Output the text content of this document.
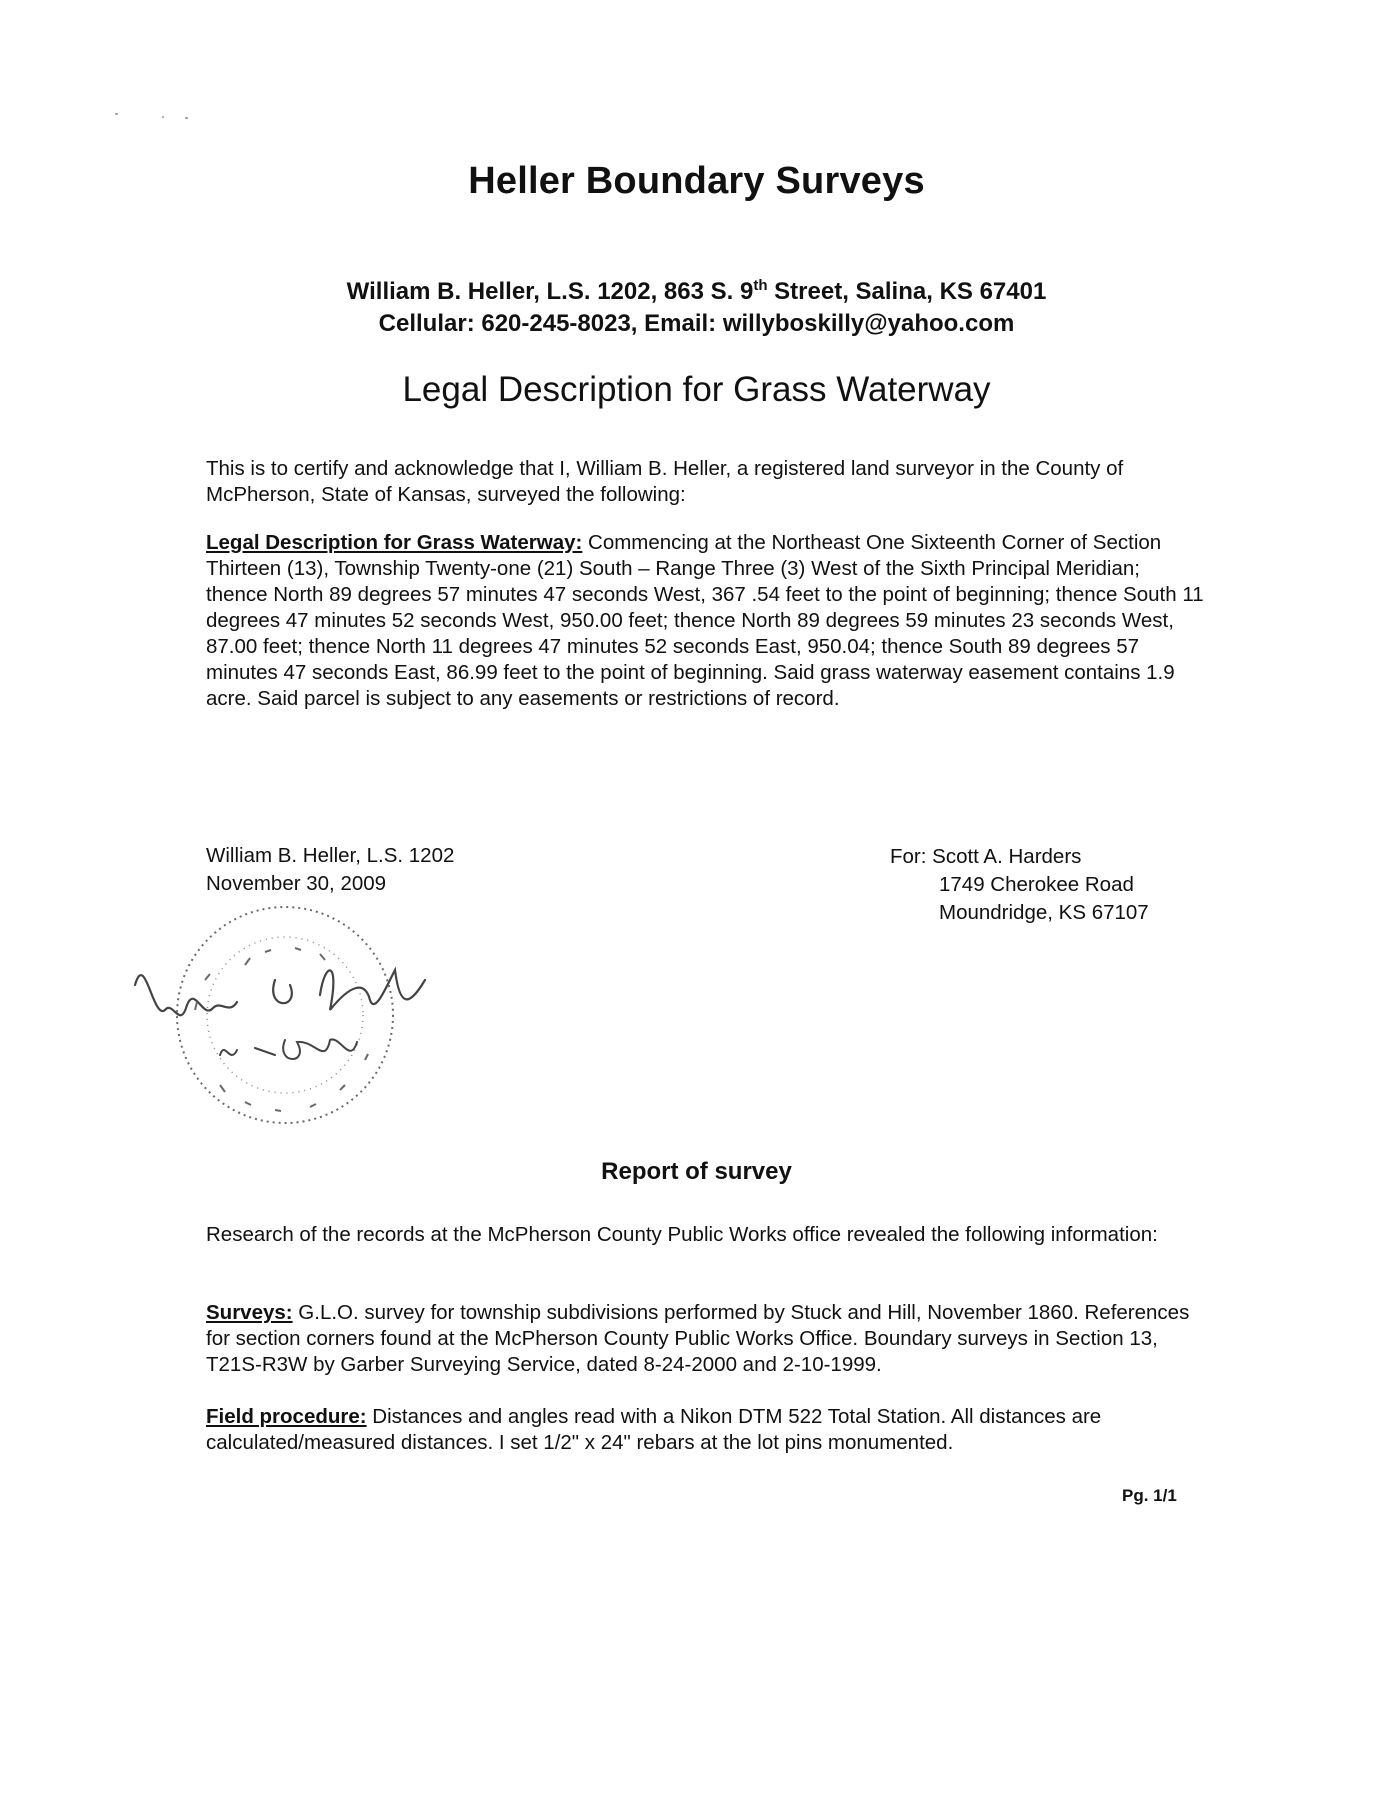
Heller Boundary Surveys
William B. Heller, L.S. 1202, 863 S. 9th Street, Salina, KS 67401
Cellular: 620-245-8023, Email: willyboskilly@yahoo.com
Legal Description for Grass Waterway
This is to certify and acknowledge that I, William B. Heller, a registered land surveyor in the County of McPherson, State of Kansas, surveyed the following:
Legal Description for Grass Waterway: Commencing at the Northeast One Sixteenth Corner of Section Thirteen (13), Township Twenty-one (21) South – Range Three (3) West of the Sixth Principal Meridian; thence North 89 degrees 57 minutes 47 seconds West, 367 .54 feet to the point of beginning; thence South 11 degrees 47 minutes 52 seconds West, 950.00 feet; thence North 89 degrees 59 minutes 23 seconds West, 87.00 feet; thence North 11 degrees 47 minutes 52 seconds East, 950.04; thence South 89 degrees 57 minutes 47 seconds East, 86.99 feet to the point of beginning. Said grass waterway easement contains 1.9 acre. Said parcel is subject to any easements or restrictions of record.
William B. Heller, L.S. 1202
November 30, 2009
For: Scott A. Harders
1749 Cherokee Road
Moundridge, KS 67107
Report of survey
Research of the records at the McPherson County Public Works office revealed the following information:
Surveys: G.L.O. survey for township subdivisions performed by Stuck and Hill, November 1860. References for section corners found at the McPherson County Public Works Office. Boundary surveys in Section 13, T21S-R3W by Garber Surveying Service, dated 8-24-2000 and 2-10-1999.
Field procedure: Distances and angles read with a Nikon DTM 522 Total Station. All distances are calculated/measured distances. I set 1/2" x 24" rebars at the lot pins monumented.
Pg. 1/1
